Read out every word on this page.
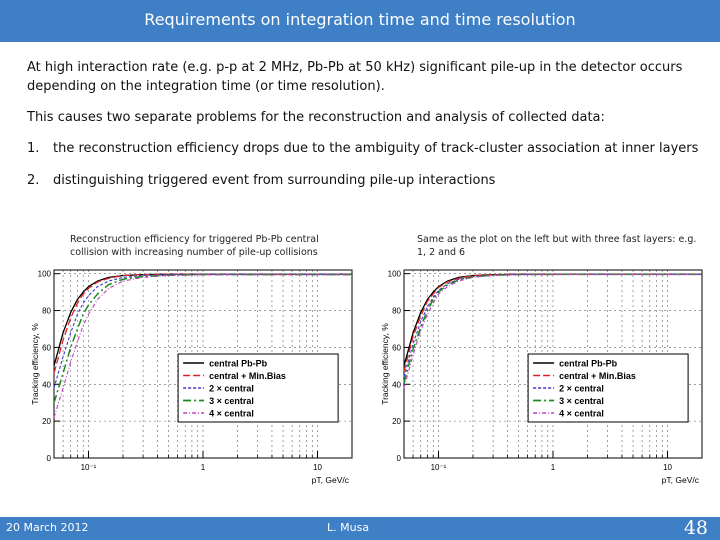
Requirements on integration time and time resolution
At high interaction rate (e.g. p-p at 2 MHz, Pb-Pb at 50 kHz) significant pile-up in the detector occurs depending on the integration time (or time resolution).
This causes two separate problems for the reconstruction and analysis of collected data:
1. the reconstruction efficiency drops due to the ambiguity of track-cluster association at inner layers
2. distinguishing triggered event from surrounding pile-up interactions
Reconstruction efficiency for triggered Pb-Pb central collision with increasing number of pile-up collisions
Same as the plot on the left but with three fast layers: e.g. 1, 2 and 6
0
20
40
60
80
100
10⁻¹	1	10
Tracking efficiency, %
pT, GeV/c
central Pb-Pb
central + Min.Bias
2 × central
3 × central
4 × central
0
20
40
60
80
100
10⁻¹	1	10
Tracking efficiency, %
pT, GeV/c
central Pb-Pb
central + Min.Bias
2 × central
3 × central
4 × central
20 March 2012	L. Musa	48
